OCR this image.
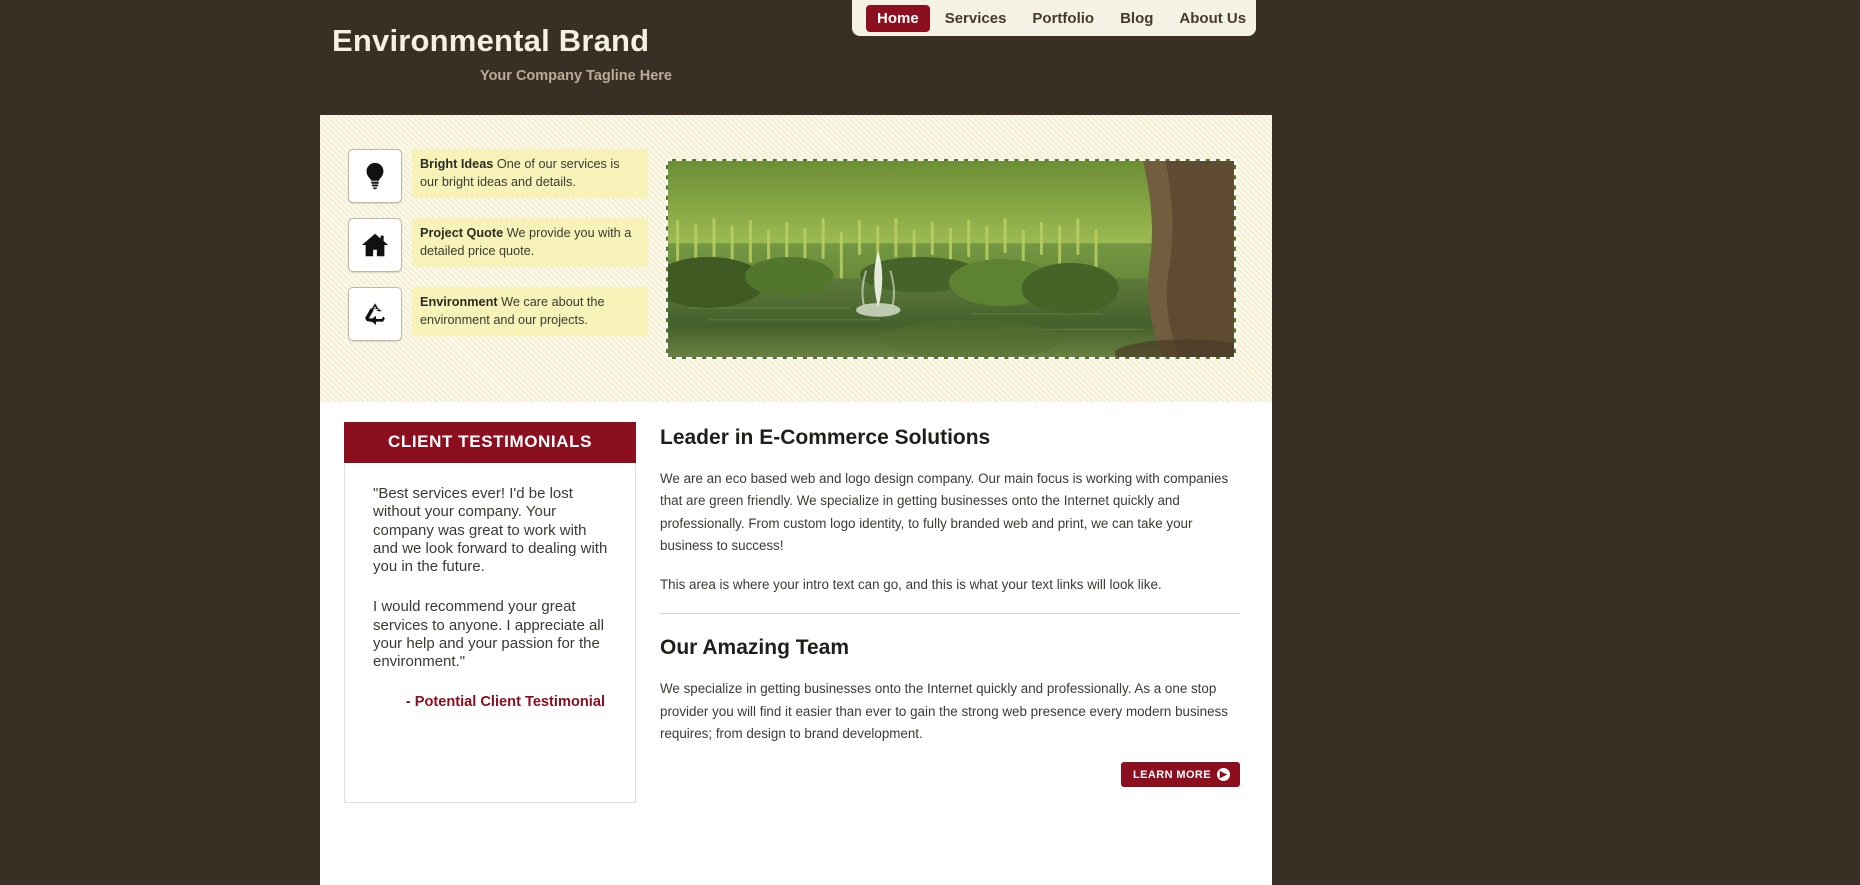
Environmental Brand
Your Company Tagline Here
Home	Services	Portfolio	Blog	About Us
Bright Ideas One of our services is our bright ideas and details.
Project Quote We provide you with a detailed price quote.
Environment We care about the environment and our projects.
CLIENT TESTIMONIALS
"Best services ever! I'd be lost without your company. Your company was great to work with and we look forward to dealing with you in the future.
I would recommend your great services to anyone. I appreciate all your help and your passion for the environment."
- Potential Client Testimonial
Leader in E-Commerce Solutions

We are an eco based web and logo design company. Our main focus is working with companies that are green friendly. We specialize in getting businesses onto the Internet quickly and professionally. From custom logo identity, to fully branded web and print, we can take your business to success!

This area is where your intro text can go, and this is what your text links will look like.

Our Amazing Team

We specialize in getting businesses onto the Internet quickly and professionally. As a one stop provider you will find it easier than ever to gain the strong web presence every modern business requires; from design to brand development.

LEARN MORE ▶
